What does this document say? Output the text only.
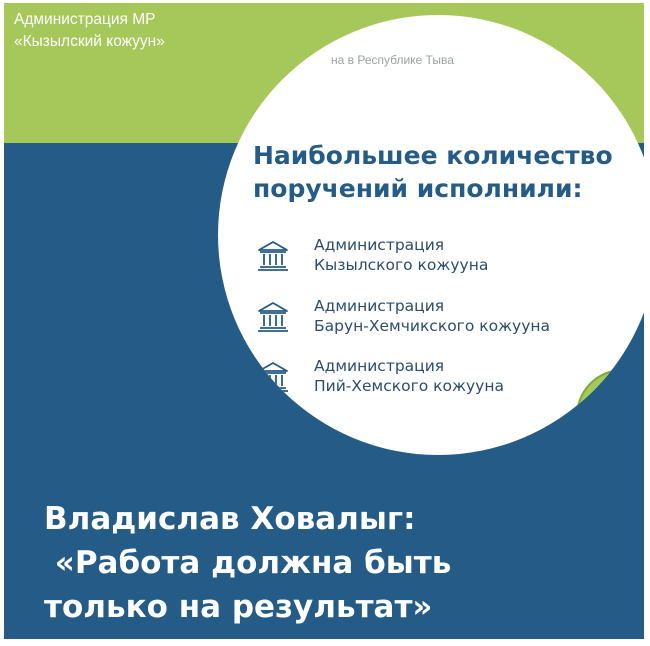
Администрация МР
«Кызылский кожуун»
на в Республике Тыва
Наибольшее количество
поручений исполнили:
Администрация
Кызылского кожууна
Администрация
Барун-Хемчикского кожууна
Администрация
Пий-Хемского кожууна
Владислав Ховалыг:
«Работа должна быть
только на результат»
